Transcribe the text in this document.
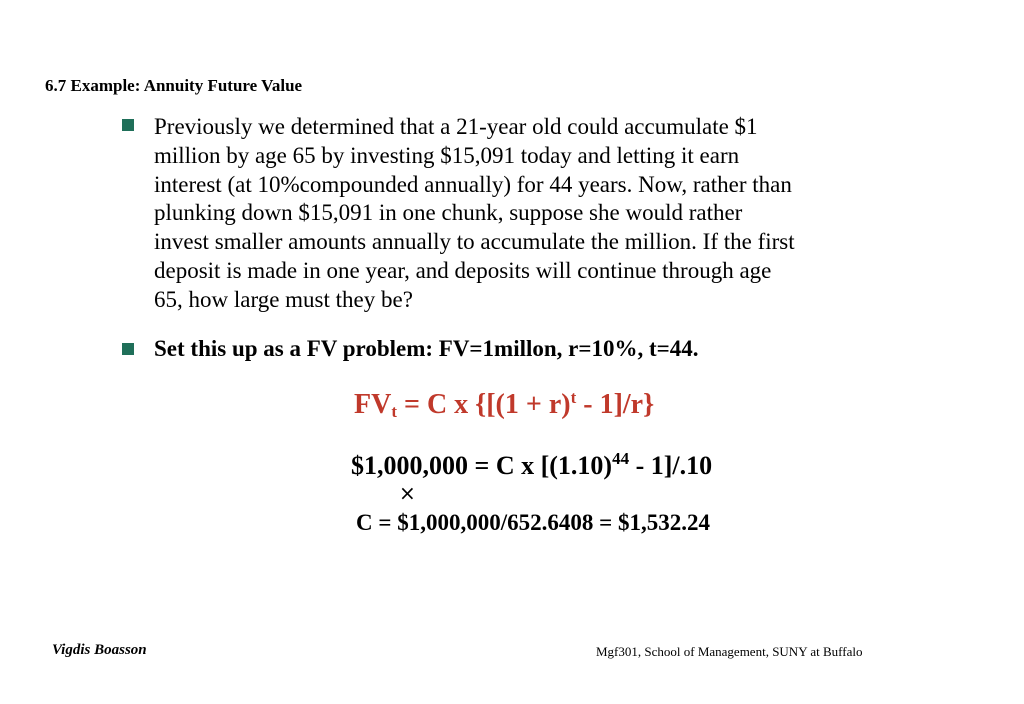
6.7 Example: Annuity Future Value
Previously we determined that a 21-year old could accumulate $1
million by age 65 by investing $15,091 today and letting it earn
interest (at 10%compounded annually) for 44 years. Now, rather than
plunking down $15,091 in one chunk, suppose she would rather
invest smaller amounts annually to accumulate the million. If the first
deposit is made in one year, and deposits will continue through age
65, how large must they be?
Set this up as a FV problem: FV=1millon, r=10%, t=44.
$FV_t = C$ x $\{[(1 + r)^t - 1]/r\}$
$1,000,000 = C x $[(1.10)^{44} - 1]/.10$
×
C = $1,000,000/652.6408 = $1,532.24
Vigdis Boasson	Mgf301, School of Management, SUNY at Buffalo
